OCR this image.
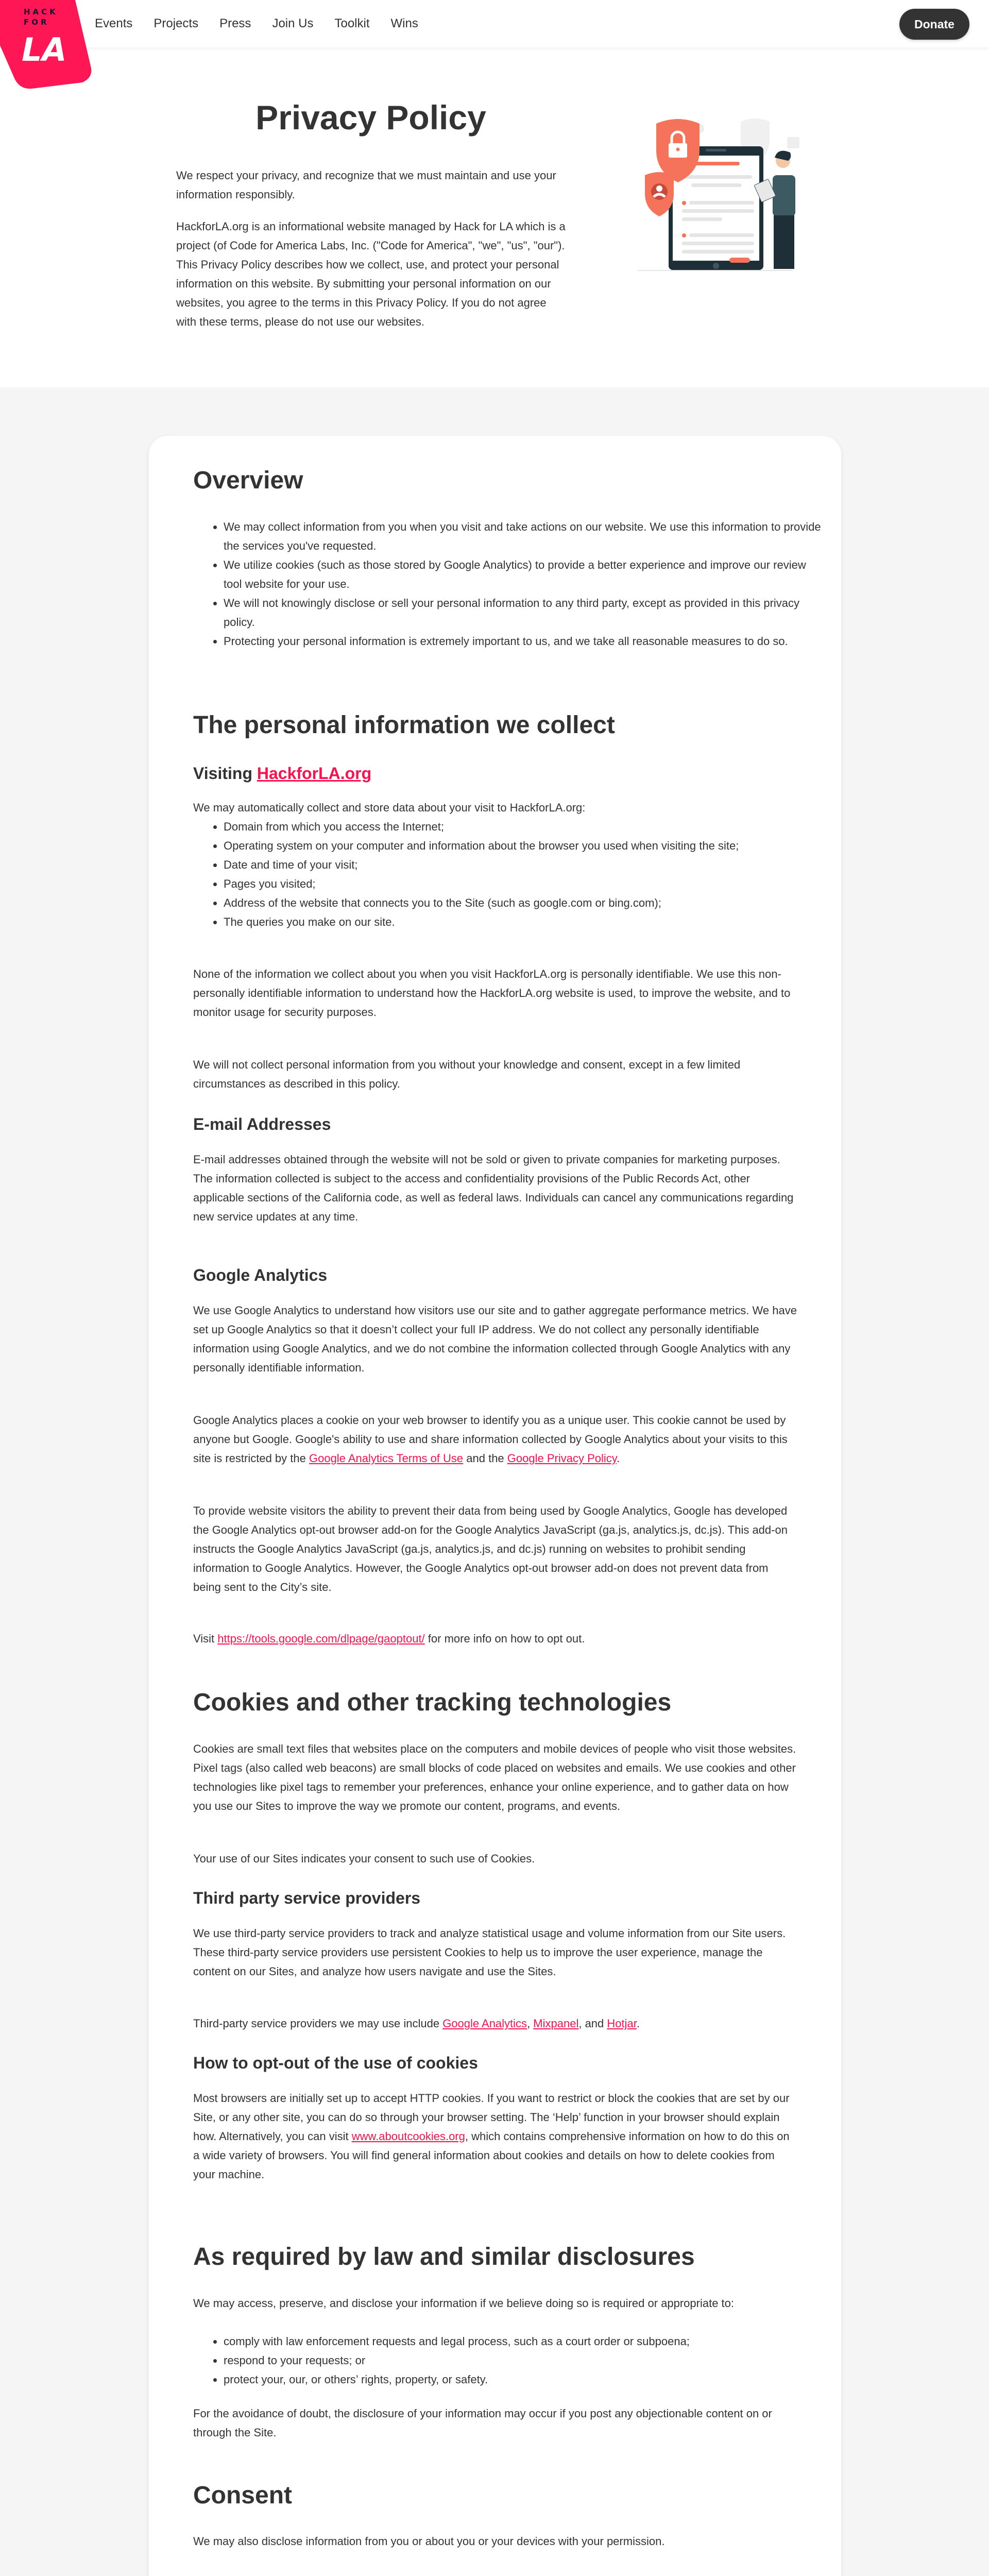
Events Projects Press Join Us Toolkit Wins	Donate
HACK
FOR
LA
Privacy Policy

We respect your privacy, and recognize that we must maintain and use your information responsibly.

HackforLA.org is an informational website managed by Hack for LA which is a project (of Code for America Labs, Inc. ("Code for America", "we", "us", "our"). This Privacy Policy describes how we collect, use, and protect your personal information on this website. By submitting your personal information on our websites, you agree to the terms in this Privacy Policy. If you do not agree with these terms, please do not use our websites.

Overview
• We may collect information from you when you visit and take actions on our website. We use this information to provide the services you've requested.
• We utilize cookies (such as those stored by Google Analytics) to provide a better experience and improve our review tool website for your use.
• We will not knowingly disclose or sell your personal information to any third party, except as provided in this privacy policy.
• Protecting your personal information is extremely important to us, and we take all reasonable measures to do so.
The personal information we collect
Visiting HackforLA.org

We may automatically collect and store data about your visit to HackforLA.org:

• Domain from which you access the Internet;
• Operating system on your computer and information about the browser you used when visiting the site;
• Date and time of your visit;
• Pages you visited;
• Address of the website that connects you to the Site (such as google.com or bing.com);
• The queries you make on our site.

None of the information we collect about you when you visit HackforLA.org is personally identifiable. We use this non-personally identifiable information to understand how the HackforLA.org website is used, to improve the website, and to monitor usage for security purposes.

We will not collect personal information from you without your knowledge and consent, except in a few limited circumstances as described in this policy.

E-mail Addresses

E-mail addresses obtained through the website will not be sold or given to private companies for marketing purposes. The information collected is subject to the access and confidentiality provisions of the Public Records Act, other applicable sections of the California code, as well as federal laws. Individuals can cancel any communications regarding new service updates at any time.

Google Analytics

We use Google Analytics to understand how visitors use our site and to gather aggregate performance metrics. We have set up Google Analytics so that it doesn’t collect your full IP address. We do not collect any personally identifiable information using Google Analytics, and we do not combine the information collected through Google Analytics with any personally identifiable information.

Google Analytics places a cookie on your web browser to identify you as a unique user. This cookie cannot be used by anyone but Google. Google's ability to use and share information collected by Google Analytics about your visits to this site is restricted by the Google Analytics Terms of Use and the Google Privacy Policy.

To provide website visitors the ability to prevent their data from being used by Google Analytics, Google has developed the Google Analytics opt-out browser add-on for the Google Analytics JavaScript (ga.js, analytics.js, dc.js). This add-on instructs the Google Analytics JavaScript (ga.js, analytics.js, and dc.js) running on websites to prohibit sending information to Google Analytics. However, the Google Analytics opt-out browser add-on does not prevent data from being sent to the City’s site.

Visit https://tools.google.com/dlpage/gaoptout/ for more info on how to opt out.

Cookies and other tracking technologies

Cookies are small text files that websites place on the computers and mobile devices of people who visit those websites. Pixel tags (also called web beacons) are small blocks of code placed on websites and emails. We use cookies and other technologies like pixel tags to remember your preferences, enhance your online experience, and to gather data on how you use our Sites to improve the way we promote our content, programs, and events.

Your use of our Sites indicates your consent to such use of Cookies.

Third party service providers

We use third-party service providers to track and analyze statistical usage and volume information from our Site users. These third-party service providers use persistent Cookies to help us to improve the user experience, manage the content on our Sites, and analyze how users navigate and use the Sites.

Third-party service providers we may use include Google Analytics, Mixpanel, and Hotjar.

How to opt-out of the use of cookies

Most browsers are initially set up to accept HTTP cookies. If you want to restrict or block the cookies that are set by our Site, or any other site, you can do so through your browser setting. The ‘Help’ function in your browser should explain how. Alternatively, you can visit www.aboutcookies.org, which contains comprehensive information on how to do this on a wide variety of browsers. You will find general information about cookies and details on how to delete cookies from your machine.

As required by law and similar disclosures

We may access, preserve, and disclose your information if we believe doing so is required or appropriate to:

• comply with law enforcement requests and legal process, such as a court order or subpoena;
• respond to your requests; or
• protect your, our, or others’ rights, property, or safety.

For the avoidance of doubt, the disclosure of your information may occur if you post any objectionable content on or through the Site.

Consent

We may also disclose information from you or about you or your devices with your permission.
